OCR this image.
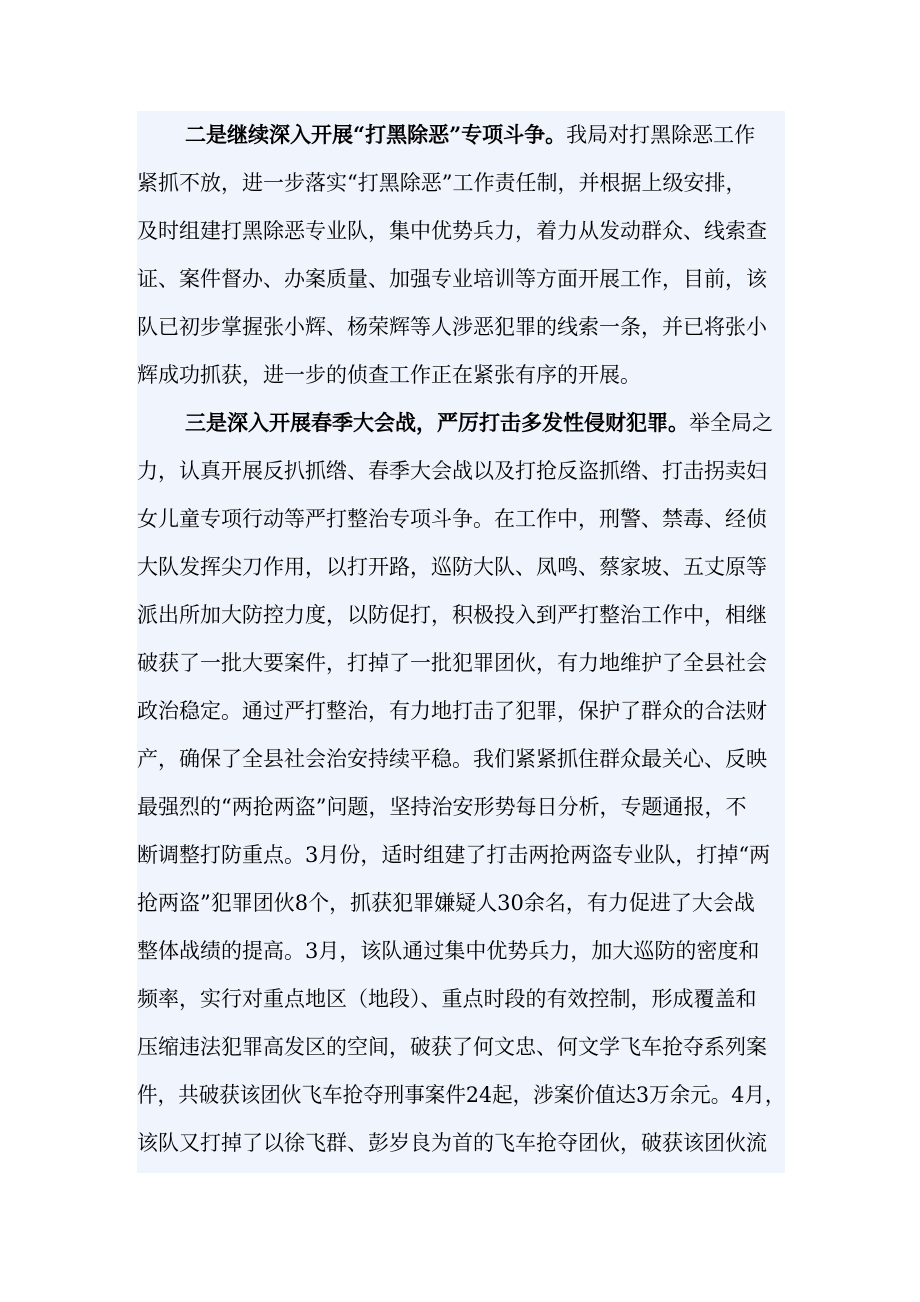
二是继续深入开展“打黑除恶”专项斗争。我局对打黑除恶工作
紧抓不放，进一步落实“打黑除恶”工作责任制，并根据上级安排，
及时组建打黑除恶专业队，集中优势兵力，着力从发动群众、线索查
证、案件督办、办案质量、加强专业培训等方面开展工作，目前，该
队已初步掌握张小辉、杨荣辉等人涉恶犯罪的线索一条，并已将张小
辉成功抓获，进一步的侦查工作正在紧张有序的开展。
三是深入开展春季大会战，严厉打击多发性侵财犯罪。举全局之
力，认真开展反扒抓绺、春季大会战以及打抢反盗抓绺、打击拐卖妇
女儿童专项行动等严打整治专项斗争。在工作中，刑警、禁毒、经侦
大队发挥尖刀作用，以打开路，巡防大队、凤鸣、蔡家坡、五丈原等
派出所加大防控力度，以防促打，积极投入到严打整治工作中，相继
破获了一批大要案件，打掉了一批犯罪团伙，有力地维护了全县社会
政治稳定。通过严打整治，有力地打击了犯罪，保护了群众的合法财
产，确保了全县社会治安持续平稳。我们紧紧抓住群众最关心、反映
最强烈的“两抢两盗”问题，坚持治安形势每日分析，专题通报，不
断调整打防重点。3月份，适时组建了打击两抢两盗专业队，打掉“两
抢两盗”犯罪团伙8个，抓获犯罪嫌疑人30余名，有力促进了大会战
整体战绩的提高。3月，该队通过集中优势兵力，加大巡防的密度和
频率，实行对重点地区（地段）、重点时段的有效控制，形成覆盖和
压缩违法犯罪高发区的空间，破获了何文忠、何文学飞车抢夺系列案
件，共破获该团伙飞车抢夺刑事案件24起，涉案价值达3万余元。4月，
该队又打掉了以徐飞群、彭岁良为首的飞车抢夺团伙，破获该团伙流
